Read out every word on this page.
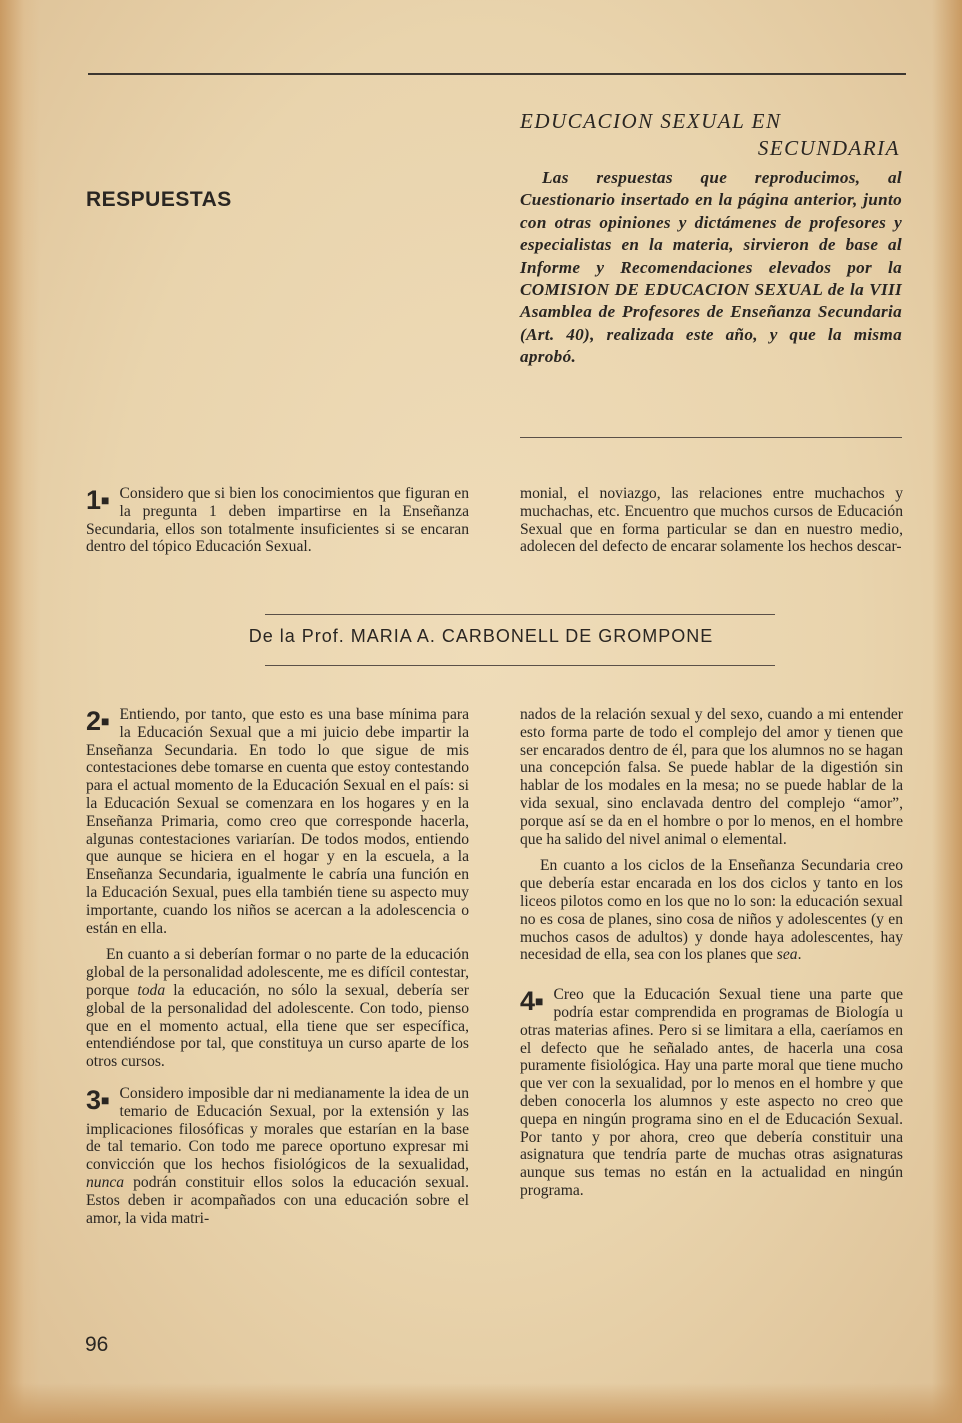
EDUCACION SEXUAL EN
SECUNDARIA
RESPUESTAS
Las respuestas que reproducimos, al Cuestionario insertado en la página anterior, junto con otras opiniones y dictámenes de profesores y especialistas en la materia, sirvieron de base al Informe y Recomendaciones elevados por la COMISION DE EDUCACION SEXUAL de la VIII Asamblea de Profesores de Enseñanza Secundaria (Art. 40), realizada este año, y que la misma aprobó.

1■ Considero que si bien los conocimientos que figuran en la pregunta 1 deben impartirse en la Enseñanza Secundaria, ellos son totalmente insuficientes si se encaran dentro del tópico Educación Sexual.

monial, el noviazgo, las relaciones entre muchachos y muchachas, etc. Encuentro que muchos cursos de Educación Sexual que en forma particular se dan en nuestro medio, adolecen del defecto de encarar solamente los hechos descar-

De la Prof. MARIA A. CARBONELL DE GROMPONE

2■ Entiendo, por tanto, que esto es una base mínima para la Educación Sexual que a mi juicio debe impartir la Enseñanza Secundaria. En todo lo que sigue de mis contestaciones debe tomarse en cuenta que estoy contestando para el actual momento de la Educación Sexual en el país: si la Educación Sexual se comenzara en los hogares y en la Enseñanza Primaria, como creo que corresponde hacerla, algunas contestaciones variarían. De todos modos, entiendo que aunque se hiciera en el hogar y en la escuela, a la Enseñanza Secundaria, igualmente le cabría una función en la Educación Sexual, pues ella también tiene su aspecto muy importante, cuando los niños se acercan a la adolescencia o están en ella.

En cuanto a si deberían formar o no parte de la educación global de la personalidad adolescente, me es difícil contestar, porque toda la educación, no sólo la sexual, debería ser global de la personalidad del adolescente. Con todo, pienso que en el momento actual, ella tiene que ser específica, entendiéndose por tal, que constituya un curso aparte de los otros cursos.

3■ Considero imposible dar ni medianamente la idea de un temario de Educación Sexual, por la extensión y las implicaciones filosóficas y morales que estarían en la base de tal temario. Con todo me parece oportuno expresar mi convicción que los hechos fisiológicos de la sexualidad, nunca podrán constituir ellos solos la educación sexual. Estos deben ir acompañados con una educación sobre el amor, la vida matri-

nados de la relación sexual y del sexo, cuando a mi entender esto forma parte de todo el complejo del amor y tienen que ser encarados dentro de él, para que los alumnos no se hagan una concepción falsa. Se puede hablar de la digestión sin hablar de los modales en la mesa; no se puede hablar de la vida sexual, sino enclavada dentro del complejo “amor”, porque así se da en el hombre o por lo menos, en el hombre que ha salido del nivel animal o elemental.

En cuanto a los ciclos de la Enseñanza Secundaria creo que debería estar encarada en los dos ciclos y tanto en los liceos pilotos como en los que no lo son: la educación sexual no es cosa de planes, sino cosa de niños y adolescentes (y en muchos casos de adultos) y donde haya adolescentes, hay necesidad de ella, sea con los planes que sea.

4■ Creo que la Educación Sexual tiene una parte que podría estar comprendida en programas de Biología u otras materias afines. Pero si se limitara a ella, caeríamos en el defecto que he señalado antes, de hacerla una cosa puramente fisiológica. Hay una parte moral que tiene mucho que ver con la sexualidad, por lo menos en el hombre y que deben conocerla los alumnos y este aspecto no creo que quepa en ningún programa sino en el de Educación Sexual. Por tanto y por ahora, creo que debería constituir una asignatura que tendría parte de muchas otras asignaturas aunque sus temas no están en la actualidad en ningún programa.

96
